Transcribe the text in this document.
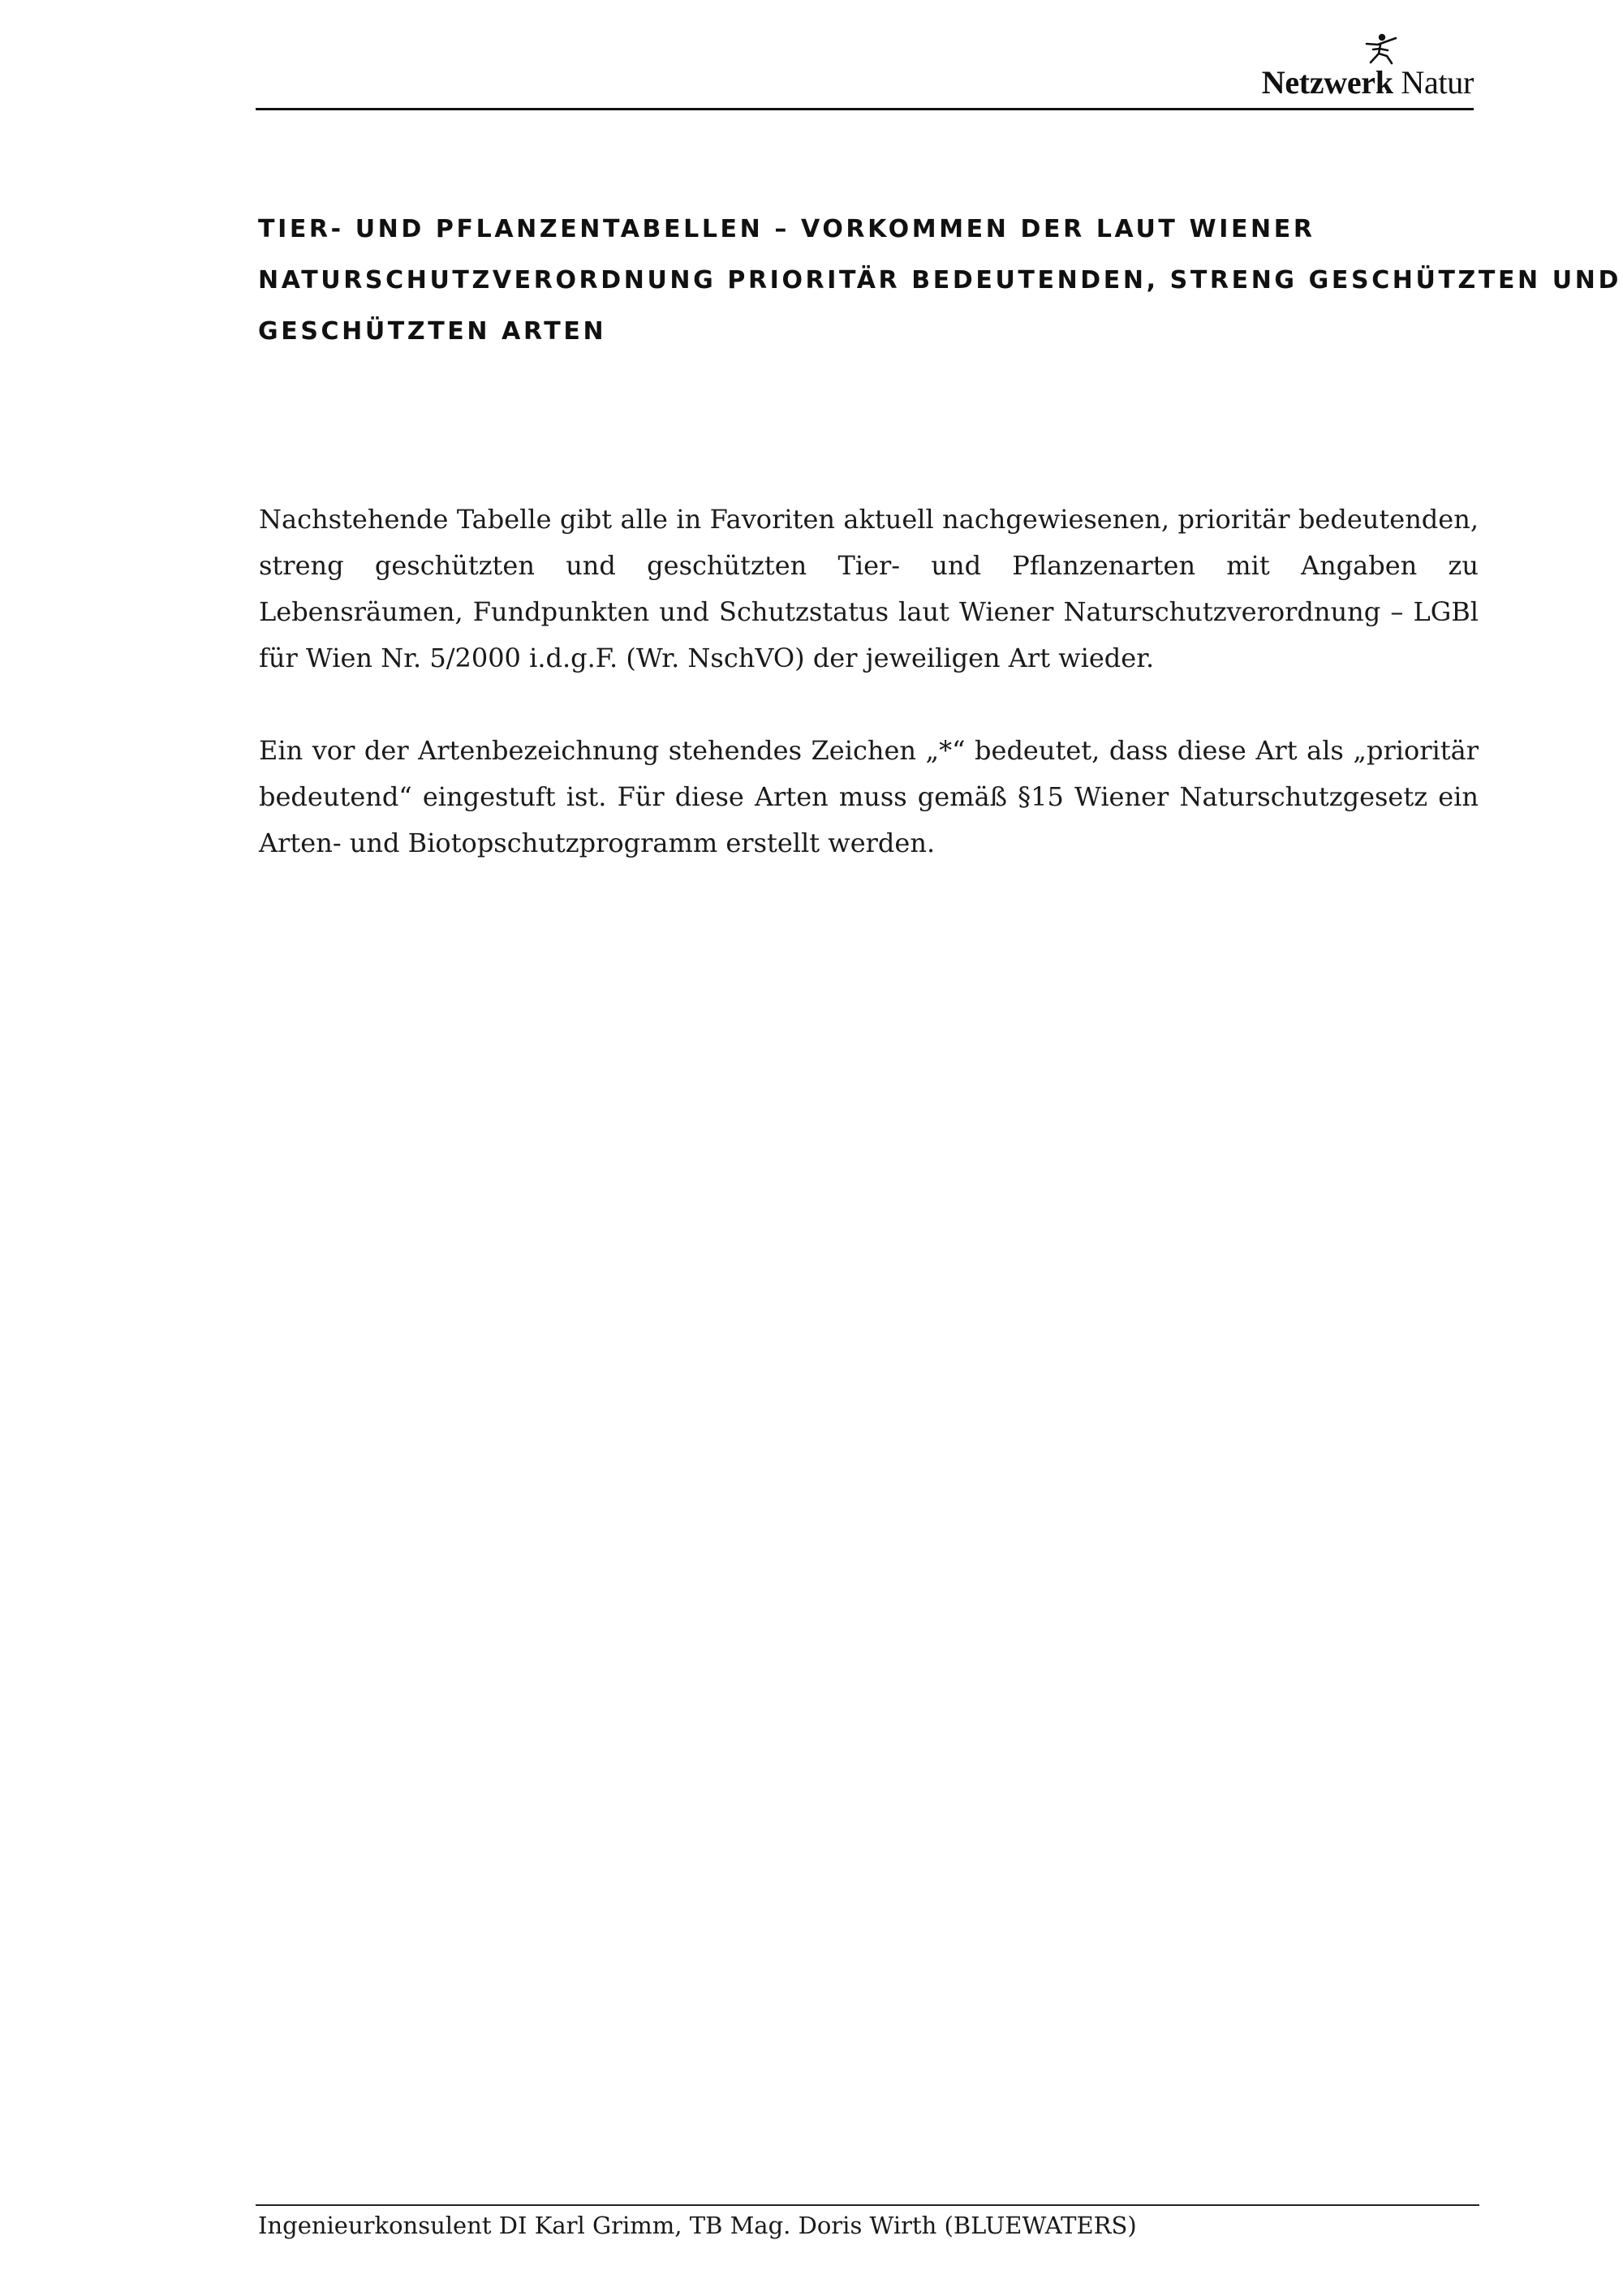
Netzwerk Natur
TIER- UND PFLANZENTABELLEN – VORKOMMEN DER LAUT WIENER
NATURSCHUTZVERORDNUNG PRIORITÄR BEDEUTENDEN, STRENG GESCHÜTZTEN UND
GESCHÜTZTEN ARTEN

Nachstehende Tabelle gibt alle in Favoriten aktuell nachgewiesenen, prioritär bedeutenden, streng geschützten und geschützten Tier- und Pflanzenarten mit Angaben zu Lebensräumen, Fundpunkten und Schutzstatus laut Wiener Naturschutzverordnung – LGBl für Wien Nr. 5/2000 i.d.g.F. (Wr. NschVO) der jeweiligen Art wieder.

Ein vor der Artenbezeichnung stehendes Zeichen „*“ bedeutet, dass diese Art als „prioritär bedeutend“ eingestuft ist. Für diese Arten muss gemäß §15 Wiener Naturschutzgesetz ein Arten- und Biotopschutzprogramm erstellt werden.

Ingenieurkonsulent DI Karl Grimm, TB Mag. Doris Wirth (BLUEWATERS)
